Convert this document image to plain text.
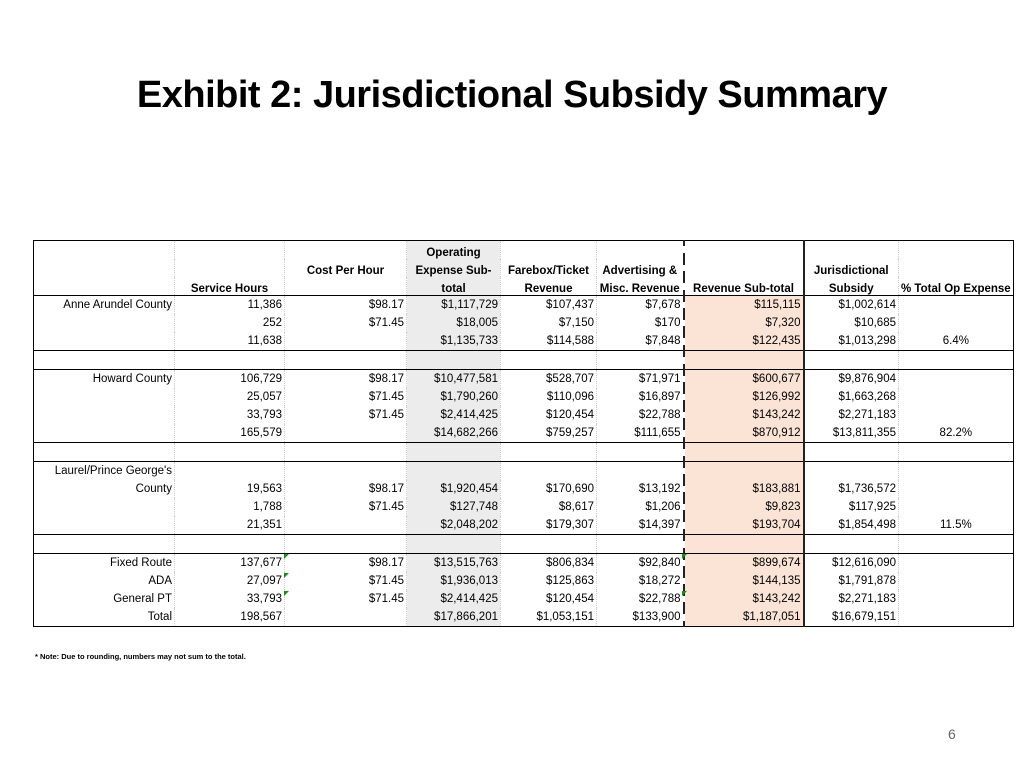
Exhibit 2: Jurisdictional Subsidy Summary
			Operating					
		Cost Per Hour	Expense Sub-	Farebox/Ticket	Advertising &		Jurisdictional	
	Service Hours		total	Revenue	Misc. Revenue	Revenue Sub-total	Subsidy	% Total Op Expense
Anne Arundel County	11,386	$98.17	$1,117,729	$107,437	$7,678	$115,115	$1,002,614	
	252	$71.45	$18,005	$7,150	$170	$7,320	$10,685	
	11,638		$1,135,733	$114,588	$7,848	$122,435	$1,013,298	6.4%

Howard County	106,729	$98.17	$10,477,581	$528,707	$71,971	$600,677	$9,876,904	
	25,057	$71.45	$1,790,260	$110,096	$16,897	$126,992	$1,663,268	
	33,793	$71.45	$2,414,425	$120,454	$22,788	$143,242	$2,271,183	
	165,579		$14,682,266	$759,257	$111,655	$870,912	$13,811,355	82.2%

Laurel/Prince George's								
County	19,563	$98.17	$1,920,454	$170,690	$13,192	$183,881	$1,736,572	
	1,788	$71.45	$127,748	$8,617	$1,206	$9,823	$117,925	
	21,351		$2,048,202	$179,307	$14,397	$193,704	$1,854,498	11.5%

Fixed Route	137,677	$98.17	$13,515,763	$806,834	$92,840	$899,674	$12,616,090	
ADA	27,097	$71.45	$1,936,013	$125,863	$18,272	$144,135	$1,791,878	
General PT	33,793	$71.45	$2,414,425	$120,454	$22,788	$143,242	$2,271,183	
Total	198,567		$17,866,201	$1,053,151	$133,900	$1,187,051	$16,679,151	
* Note: Due to rounding, numbers may not sum to the total.
6
